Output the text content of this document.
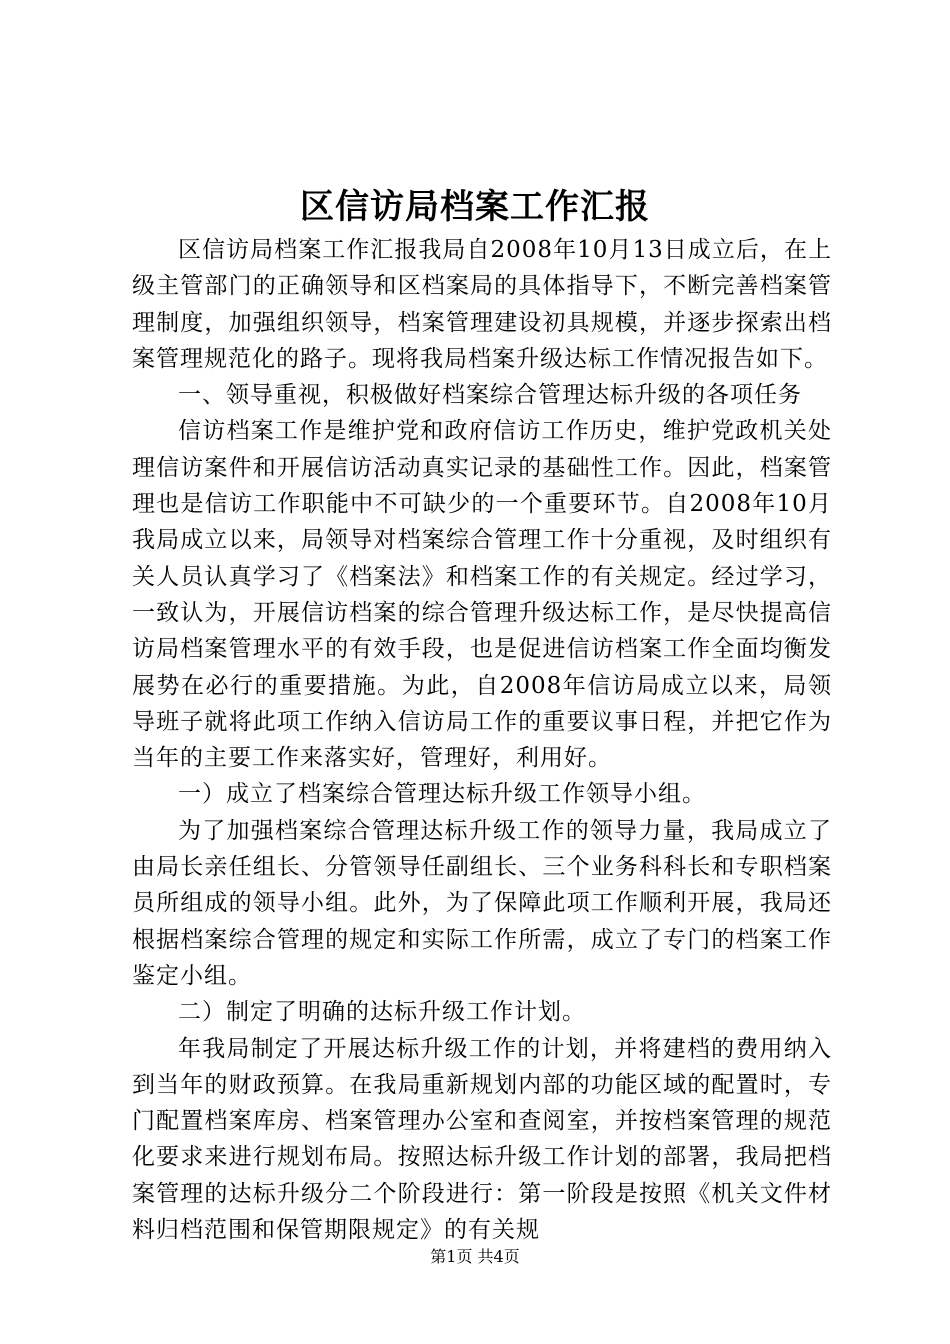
区信访局档案工作汇报

区信访局档案工作汇报我局自2008年10月13日成立后，在上级主管部门的正确领导和区档案局的具体指导下，不断完善档案管理制度，加强组织领导，档案管理建设初具规模，并逐步探索出档案管理规范化的路子。现将我局档案升级达标工作情况报告如下。

一、领导重视，积极做好档案综合管理达标升级的各项任务

信访档案工作是维护党和政府信访工作历史，维护党政机关处理信访案件和开展信访活动真实记录的基础性工作。因此，档案管理也是信访工作职能中不可缺少的一个重要环节。自2008年10月我局成立以来，局领导对档案综合管理工作十分重视，及时组织有关人员认真学习了《档案法》和档案工作的有关规定。经过学习，一致认为，开展信访档案的综合管理升级达标工作，是尽快提高信访局档案管理水平的有效手段，也是促进信访档案工作全面均衡发展势在必行的重要措施。为此，自2008年信访局成立以来，局领导班子就将此项工作纳入信访局工作的重要议事日程，并把它作为当年的主要工作来落实好，管理好，利用好。

一）成立了档案综合管理达标升级工作领导小组。

为了加强档案综合管理达标升级工作的领导力量，我局成立了由局长亲任组长、分管领导任副组长、三个业务科科长和专职档案员所组成的领导小组。此外，为了保障此项工作顺利开展，我局还根据档案综合管理的规定和实际工作所需，成立了专门的档案工作鉴定小组。

二）制定了明确的达标升级工作计划。

年我局制定了开展达标升级工作的计划，并将建档的费用纳入到当年的财政预算。在我局重新规划内部的功能区域的配置时，专门配置档案库房、档案管理办公室和查阅室，并按档案管理的规范化要求来进行规划布局。按照达标升级工作计划的部署，我局把档案管理的达标升级分二个阶段进行：第一阶段是按照《机关文件材料归档范围和保管期限规定》的有关规

第1页 共4页
